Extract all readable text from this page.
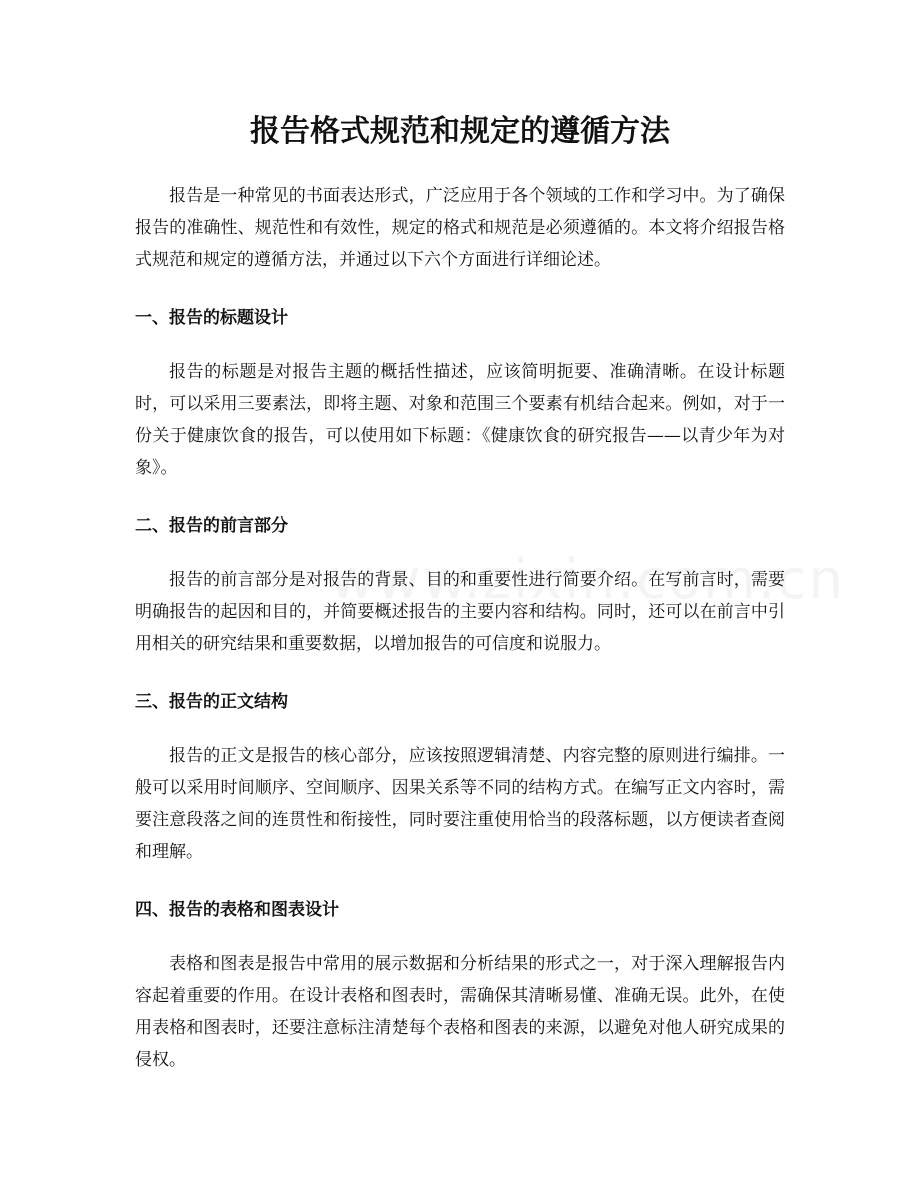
报告格式规范和规定的遵循方法

报告是一种常见的书面表达形式，广泛应用于各个领域的工作和学习中。为了确保报告的准确性、规范性和有效性，规定的格式和规范是必须遵循的。本文将介绍报告格式规范和规定的遵循方法，并通过以下六个方面进行详细论述。

一、报告的标题设计

报告的标题是对报告主题的概括性描述，应该简明扼要、准确清晰。在设计标题时，可以采用三要素法，即将主题、对象和范围三个要素有机结合起来。例如，对于一份关于健康饮食的报告，可以使用如下标题：《健康饮食的研究报告——以青少年为对象》。

二、报告的前言部分

报告的前言部分是对报告的背景、目的和重要性进行简要介绍。在写前言时，需要明确报告的起因和目的，并简要概述报告的主要内容和结构。同时，还可以在前言中引用相关的研究结果和重要数据，以增加报告的可信度和说服力。

三、报告的正文结构

报告的正文是报告的核心部分，应该按照逻辑清楚、内容完整的原则进行编排。一般可以采用时间顺序、空间顺序、因果关系等不同的结构方式。在编写正文内容时，需要注意段落之间的连贯性和衔接性，同时要注重使用恰当的段落标题，以方便读者查阅和理解。

四、报告的表格和图表设计

表格和图表是报告中常用的展示数据和分析结果的形式之一，对于深入理解报告内容起着重要的作用。在设计表格和图表时，需确保其清晰易懂、准确无误。此外，在使用表格和图表时，还要注意标注清楚每个表格和图表的来源，以避免对他人研究成果的侵权。
